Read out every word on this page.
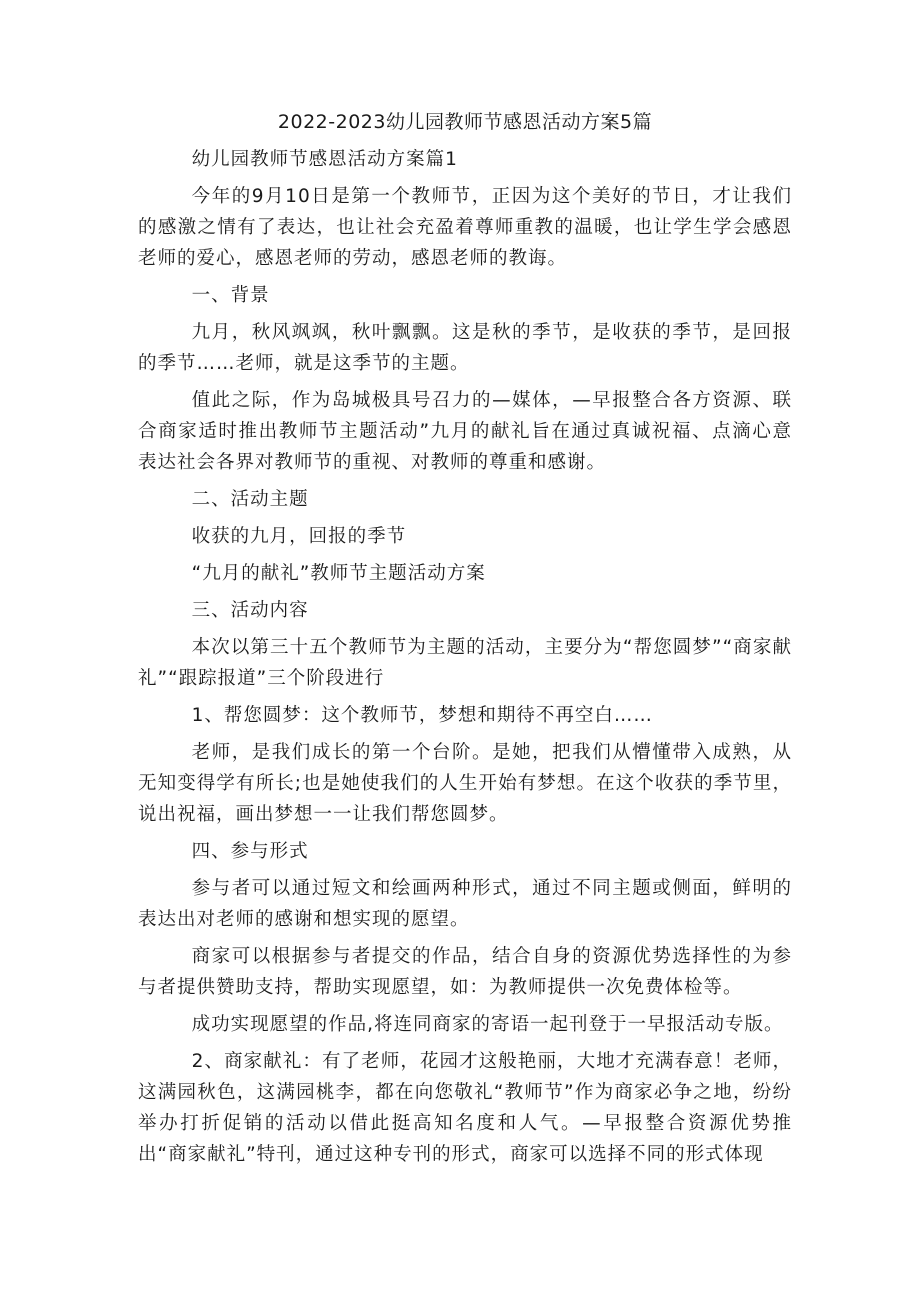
2022-2023幼儿园教师节感恩活动方案5篇

幼儿园教师节感恩活动方案篇1

今年的9月10日是第一个教师节，正因为这个美好的节日，才让我们的感激之情有了表达，也让社会充盈着尊师重教的温暖，也让学生学会感恩老师的爱心，感恩老师的劳动，感恩老师的教诲。

一、背景

九月，秋风飒飒，秋叶飘飘。这是秋的季节，是收获的季节，是回报的季节……老师，就是这季节的主题。

值此之际，作为岛城极具号召力的—媒体，—早报整合各方资源、联合商家适时推出教师节主题活动”九月的献礼旨在通过真诚祝福、点滴心意表达社会各界对教师节的重视、对教师的尊重和感谢。

二、活动主题

收获的九月，回报的季节

“九月的献礼”教师节主题活动方案

三、活动内容

本次以第三十五个教师节为主题的活动，主要分为“帮您圆梦”“商家献礼”“跟踪报道”三个阶段进行

1、帮您圆梦：这个教师节，梦想和期待不再空白……

老师，是我们成长的第一个台阶。是她，把我们从懵懂带入成熟，从无知变得学有所长;也是她使我们的人生开始有梦想。在这个收获的季节里，说出祝福，画出梦想一一让我们帮您圆梦。

四、参与形式

参与者可以通过短文和绘画两种形式，通过不同主题或侧面，鲜明的表达出对老师的感谢和想实现的愿望。

商家可以根据参与者提交的作品，结合自身的资源优势选择性的为参与者提供赞助支持，帮助实现愿望，如：为教师提供一次免费体检等。

成功实现愿望的作品,将连同商家的寄语一起刊登于一早报活动专版。

2、商家献礼：有了老师，花园才这般艳丽，大地才充满春意！老师，这满园秋色，这满园桃李，都在向您敬礼“教师节”作为商家必争之地，纷纷举办打折促销的活动以借此挺高知名度和人气。—早报整合资源优势推出“商家献礼”特刊，通过这种专刊的形式，商家可以选择不同的形式体现
